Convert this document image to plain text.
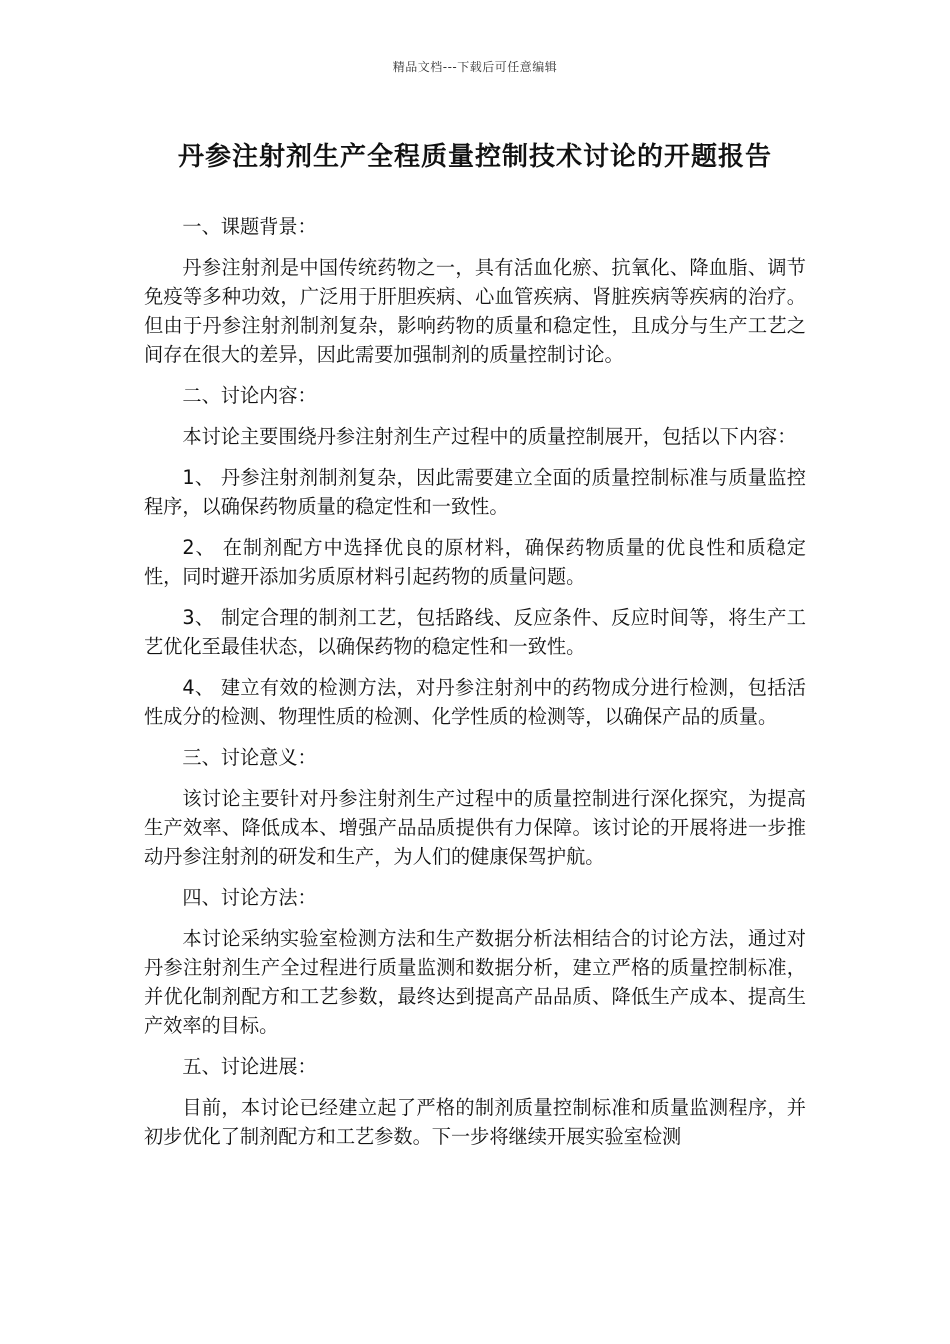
精品文档---下载后可任意编辑
丹参注射剂生产全程质量控制技术讨论的开题报告

一、课题背景：

丹参注射剂是中国传统药物之一，具有活血化瘀、抗氧化、降血脂、调节免疫等多种功效，广泛用于肝胆疾病、心血管疾病、肾脏疾病等疾病的治疗。但由于丹参注射剂制剂复杂，影响药物的质量和稳定性，且成分与生产工艺之间存在很大的差异，因此需要加强制剂的质量控制讨论。

二、讨论内容：

本讨论主要围绕丹参注射剂生产过程中的质量控制展开，包括以下内容：

1、 丹参注射剂制剂复杂，因此需要建立全面的质量控制标准与质量监控程序，以确保药物质量的稳定性和一致性。

2、 在制剂配方中选择优良的原材料，确保药物质量的优良性和质稳定性，同时避开添加劣质原材料引起药物的质量问题。

3、 制定合理的制剂工艺，包括路线、反应条件、反应时间等，将生产工艺优化至最佳状态，以确保药物的稳定性和一致性。

4、 建立有效的检测方法，对丹参注射剂中的药物成分进行检测，包括活性成分的检测、物理性质的检测、化学性质的检测等，以确保产品的质量。

三、讨论意义：

该讨论主要针对丹参注射剂生产过程中的质量控制进行深化探究，为提高生产效率、降低成本、增强产品品质提供有力保障。该讨论的开展将进一步推动丹参注射剂的研发和生产，为人们的健康保驾护航。

四、讨论方法：

本讨论采纳实验室检测方法和生产数据分析法相结合的讨论方法，通过对丹参注射剂生产全过程进行质量监测和数据分析，建立严格的质量控制标准，并优化制剂配方和工艺参数，最终达到提高产品品质、降低生产成本、提高生产效率的目标。

五、讨论进展：

目前，本讨论已经建立起了严格的制剂质量控制标准和质量监测程序，并初步优化了制剂配方和工艺参数。下一步将继续开展实验室检测
